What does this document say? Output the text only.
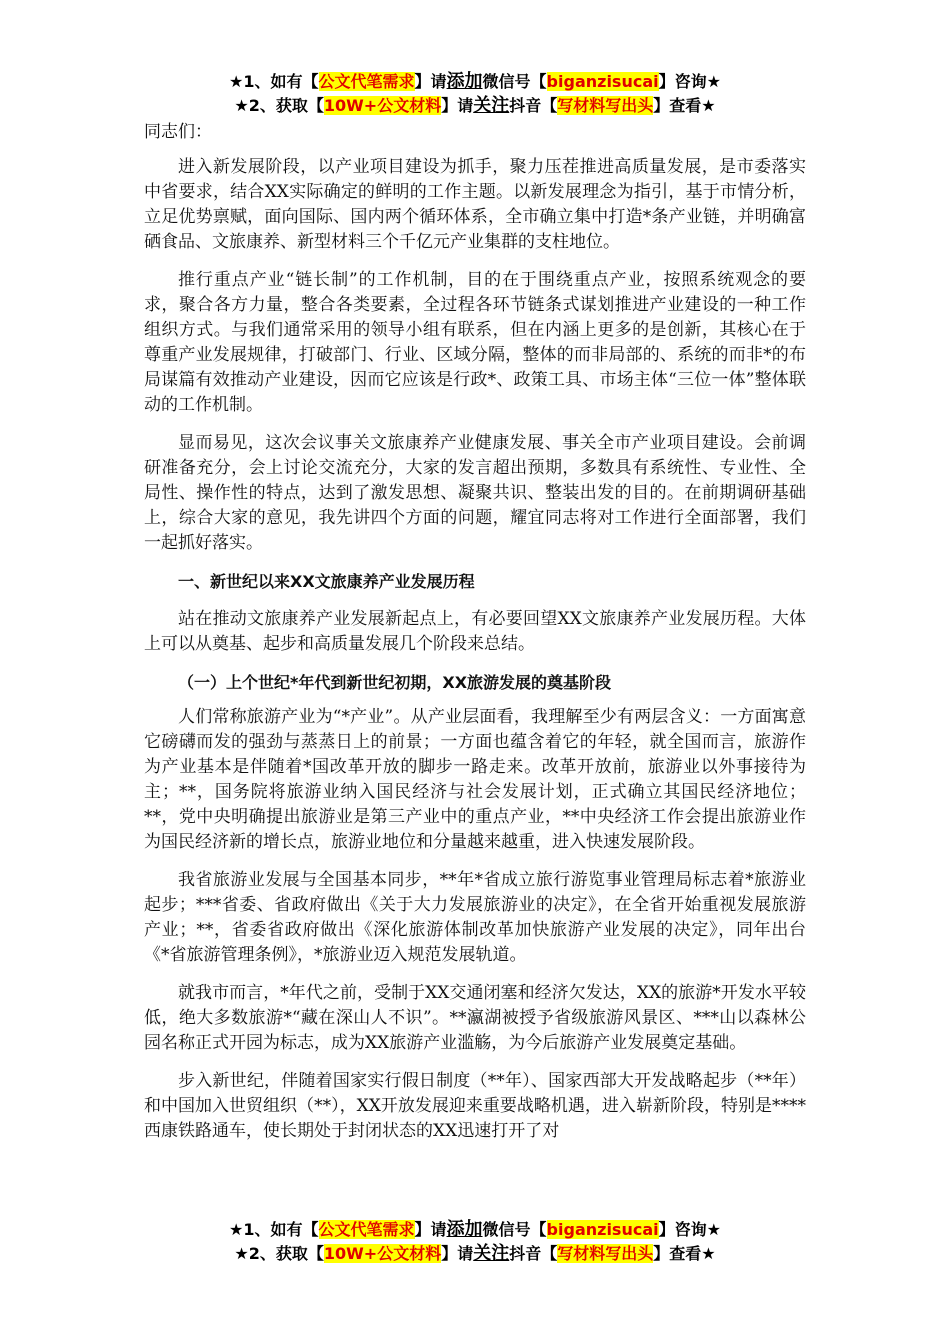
★1、如有【公文代笔需求】请添加微信号【biganzisucai】咨询★
★2、获取【10W+公文材料】请关注抖音【写材料写出头】查看★

同志们：

进入新发展阶段，以产业项目建设为抓手，聚力压茬推进高质量发展，是市委落实中省要求，结合XX实际确定的鲜明的工作主题。以新发展理念为指引，基于市情分析，立足优势禀赋，面向国际、国内两个循环体系，全市确立集中打造*条产业链，并明确富硒食品、文旅康养、新型材料三个千亿元产业集群的支柱地位。

推行重点产业“链长制”的工作机制，目的在于围绕重点产业，按照系统观念的要求，聚合各方力量，整合各类要素，全过程各环节链条式谋划推进产业建设的一种工作组织方式。与我们通常采用的领导小组有联系，但在内涵上更多的是创新，其核心在于尊重产业发展规律，打破部门、行业、区域分隔，整体的而非局部的、系统的而非*的布局谋篇有效推动产业建设，因而它应该是行政*、政策工具、市场主体“三位一体”整体联动的工作机制。

显而易见，这次会议事关文旅康养产业健康发展、事关全市产业项目建设。会前调研准备充分，会上讨论交流充分，大家的发言超出预期，多数具有系统性、专业性、全局性、操作性的特点，达到了激发思想、凝聚共识、整装出发的目的。在前期调研基础上，综合大家的意见，我先讲四个方面的问题，耀宜同志将对工作进行全面部署，我们一起抓好落实。

一、新世纪以来XX文旅康养产业发展历程

站在推动文旅康养产业发展新起点上，有必要回望XX文旅康养产业发展历程。大体上可以从奠基、起步和高质量发展几个阶段来总结。

（一）上个世纪*年代到新世纪初期，XX旅游发展的奠基阶段

人们常称旅游产业为“*产业”。从产业层面看，我理解至少有两层含义：一方面寓意它磅礴而发的强劲与蒸蒸日上的前景；一方面也蕴含着它的年轻，就全国而言，旅游作为产业基本是伴随着*国改革开放的脚步一路走来。改革开放前，旅游业以外事接待为主；**，国务院将旅游业纳入国民经济与社会发展计划，正式确立其国民经济地位；**，党中央明确提出旅游业是第三产业中的重点产业，**中央经济工作会提出旅游业作为国民经济新的增长点，旅游业地位和分量越来越重，进入快速发展阶段。

我省旅游业发展与全国基本同步，**年*省成立旅行游览事业管理局标志着*旅游业起步；***省委、省政府做出《关于大力发展旅游业的决定》，在全省开始重视发展旅游产业；**，省委省政府做出《深化旅游体制改革加快旅游产业发展的决定》，同年出台《*省旅游管理条例》，*旅游业迈入规范发展轨道。

就我市而言，*年代之前，受制于XX交通闭塞和经济欠发达，XX的旅游*开发水平较低，绝大多数旅游*“藏在深山人不识”。**瀛湖被授予省级旅游风景区、***山以森林公园名称正式开园为标志，成为XX旅游产业滥觞，为今后旅游产业发展奠定基础。

步入新世纪，伴随着国家实行假日制度（**年）、国家西部大开发战略起步（**年）和中国加入世贸组织（**），XX开放发展迎来重要战略机遇，进入崭新阶段，特别是****西康铁路通车，使长期处于封闭状态的XX迅速打开了对

★1、如有【公文代笔需求】请添加微信号【biganzisucai】咨询★
★2、获取【10W+公文材料】请关注抖音【写材料写出头】查看★
